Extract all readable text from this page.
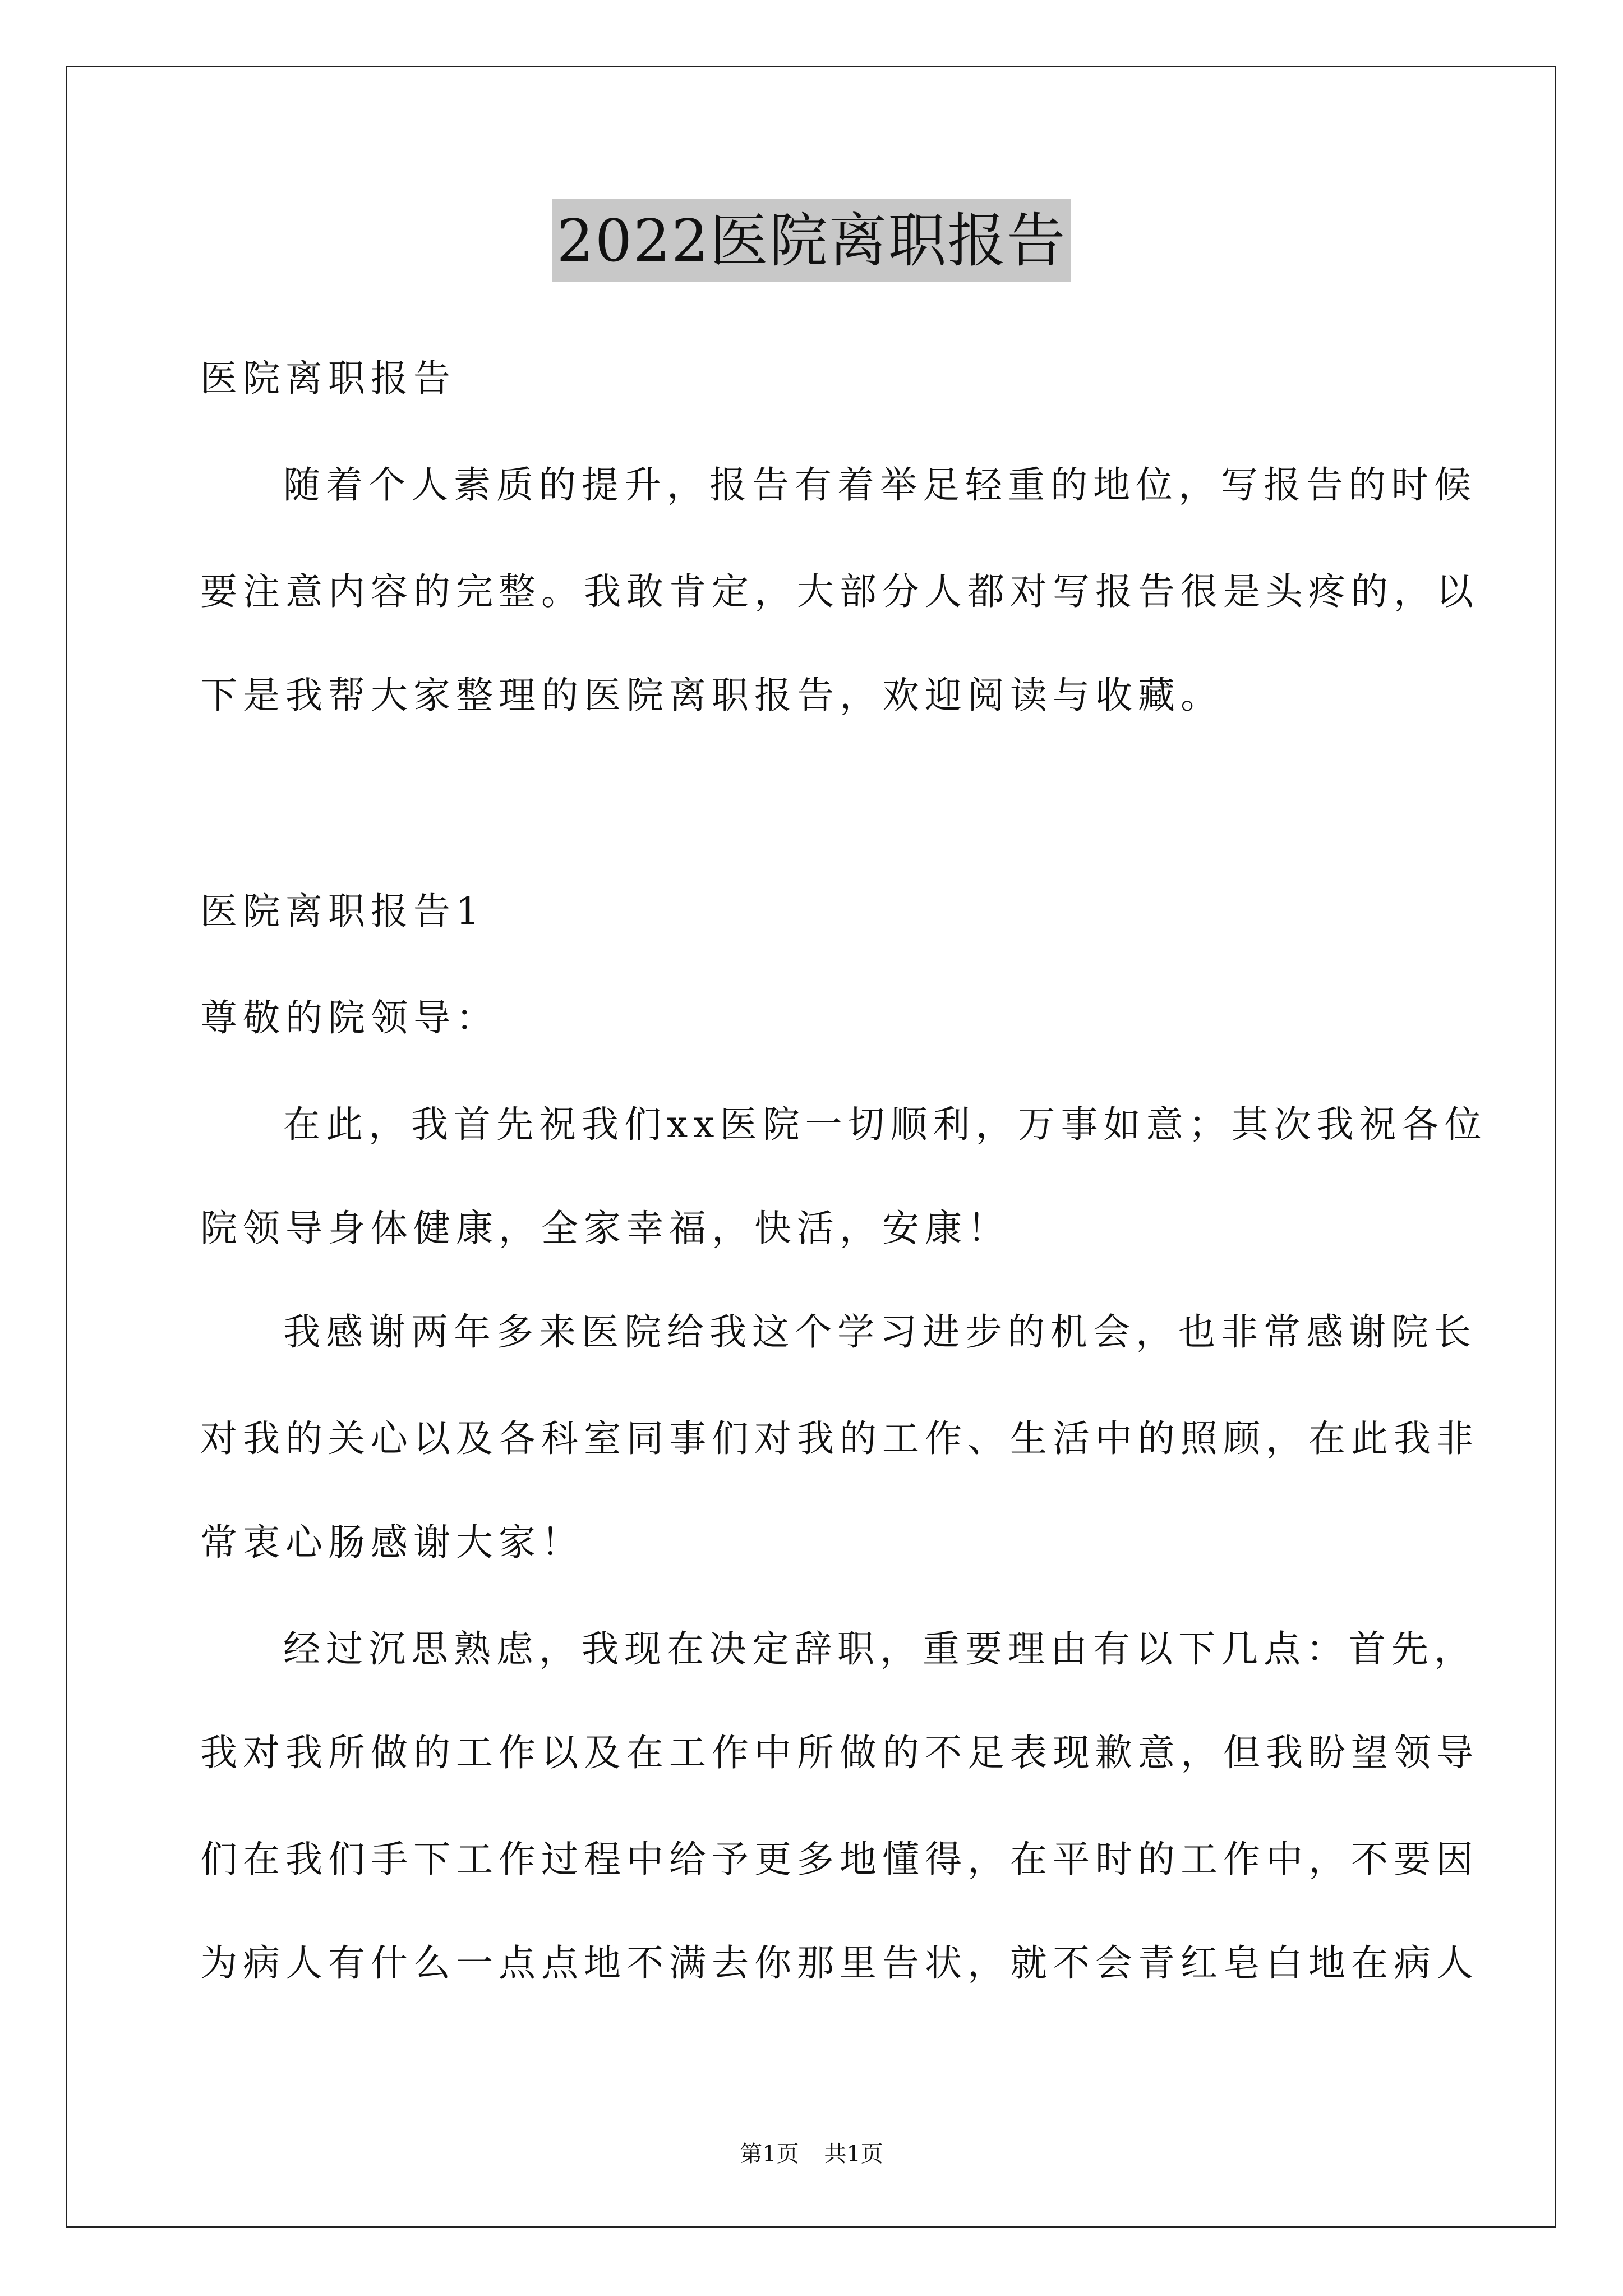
2022医院离职报告
医院离职报告
随着个人素质的提升，报告有着举足轻重的地位，写报告的时候
要注意内容的完整。我敢肯定，大部分人都对写报告很是头疼的，以
下是我帮大家整理的医院离职报告，欢迎阅读与收藏。
医院离职报告1
尊敬的院领导：
在此，我首先祝我们xx医院一切顺利，万事如意；其次我祝各位
院领导身体健康，全家幸福，快活，安康！
我感谢两年多来医院给我这个学习进步的机会，也非常感谢院长
对我的关心以及各科室同事们对我的工作、生活中的照顾，在此我非
常衷心肠感谢大家！
经过沉思熟虑，我现在决定辞职，重要理由有以下几点：首先，
我对我所做的工作以及在工作中所做的不足表现歉意，但我盼望领导
们在我们手下工作过程中给予更多地懂得，在平时的工作中，不要因
为病人有什么一点点地不满去你那里告状，就不会青红皂白地在病人
第1页 共1页
